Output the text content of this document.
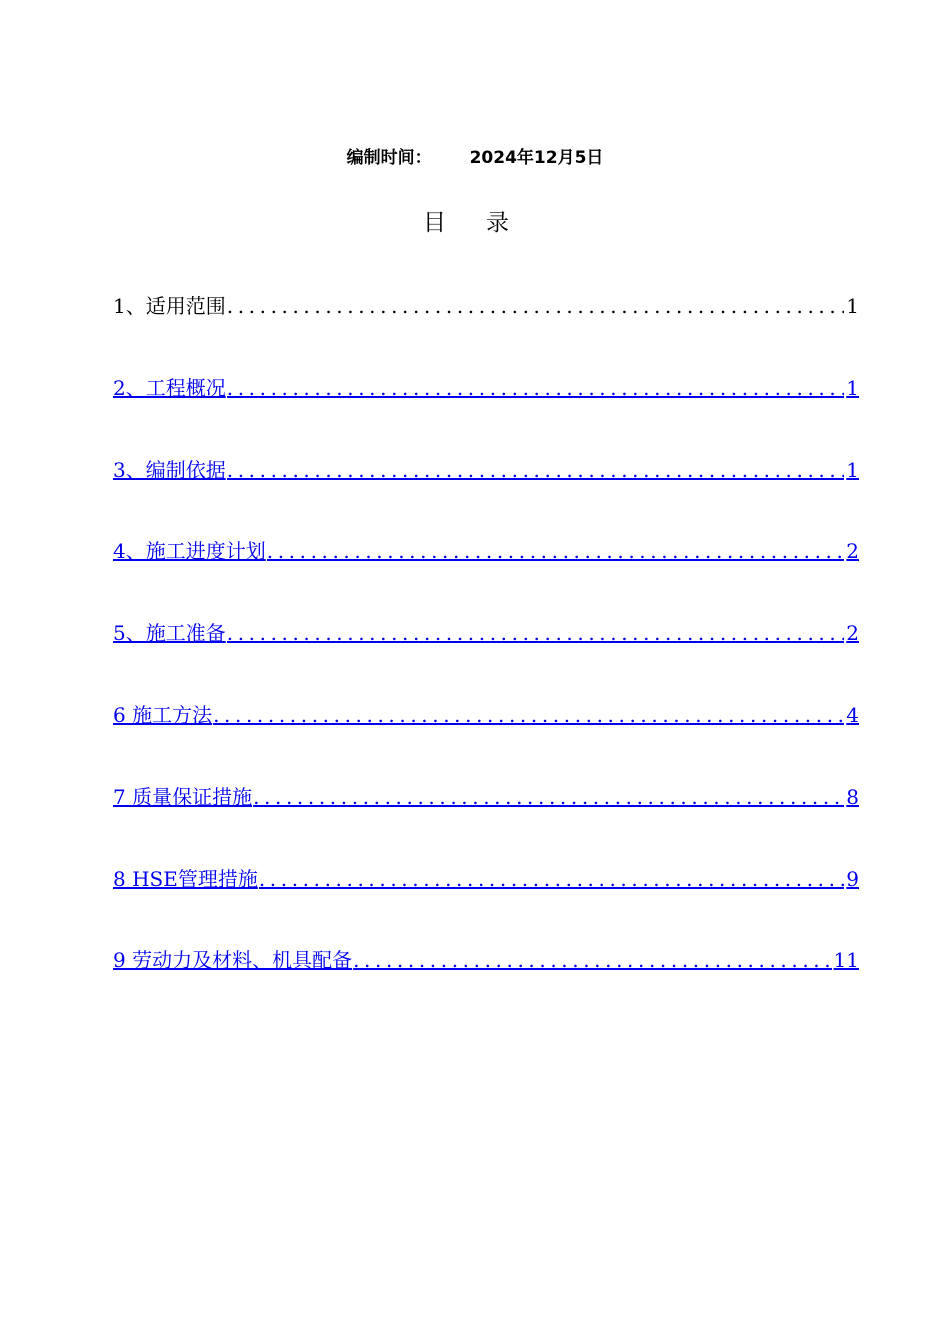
编制时间： 2024年12月5日
目录
1、适用范围 .....	1
2、工程概况 .....	1
3、编制依据 .....	1
4、施工进度计划 .....	2
5、施工准备 .....	2
6 施工方法 .....	4
7 质量保证措施 .....	8
8 HSE管理措施 .....	9
9 劳动力及材料、机具配备 .....	11
